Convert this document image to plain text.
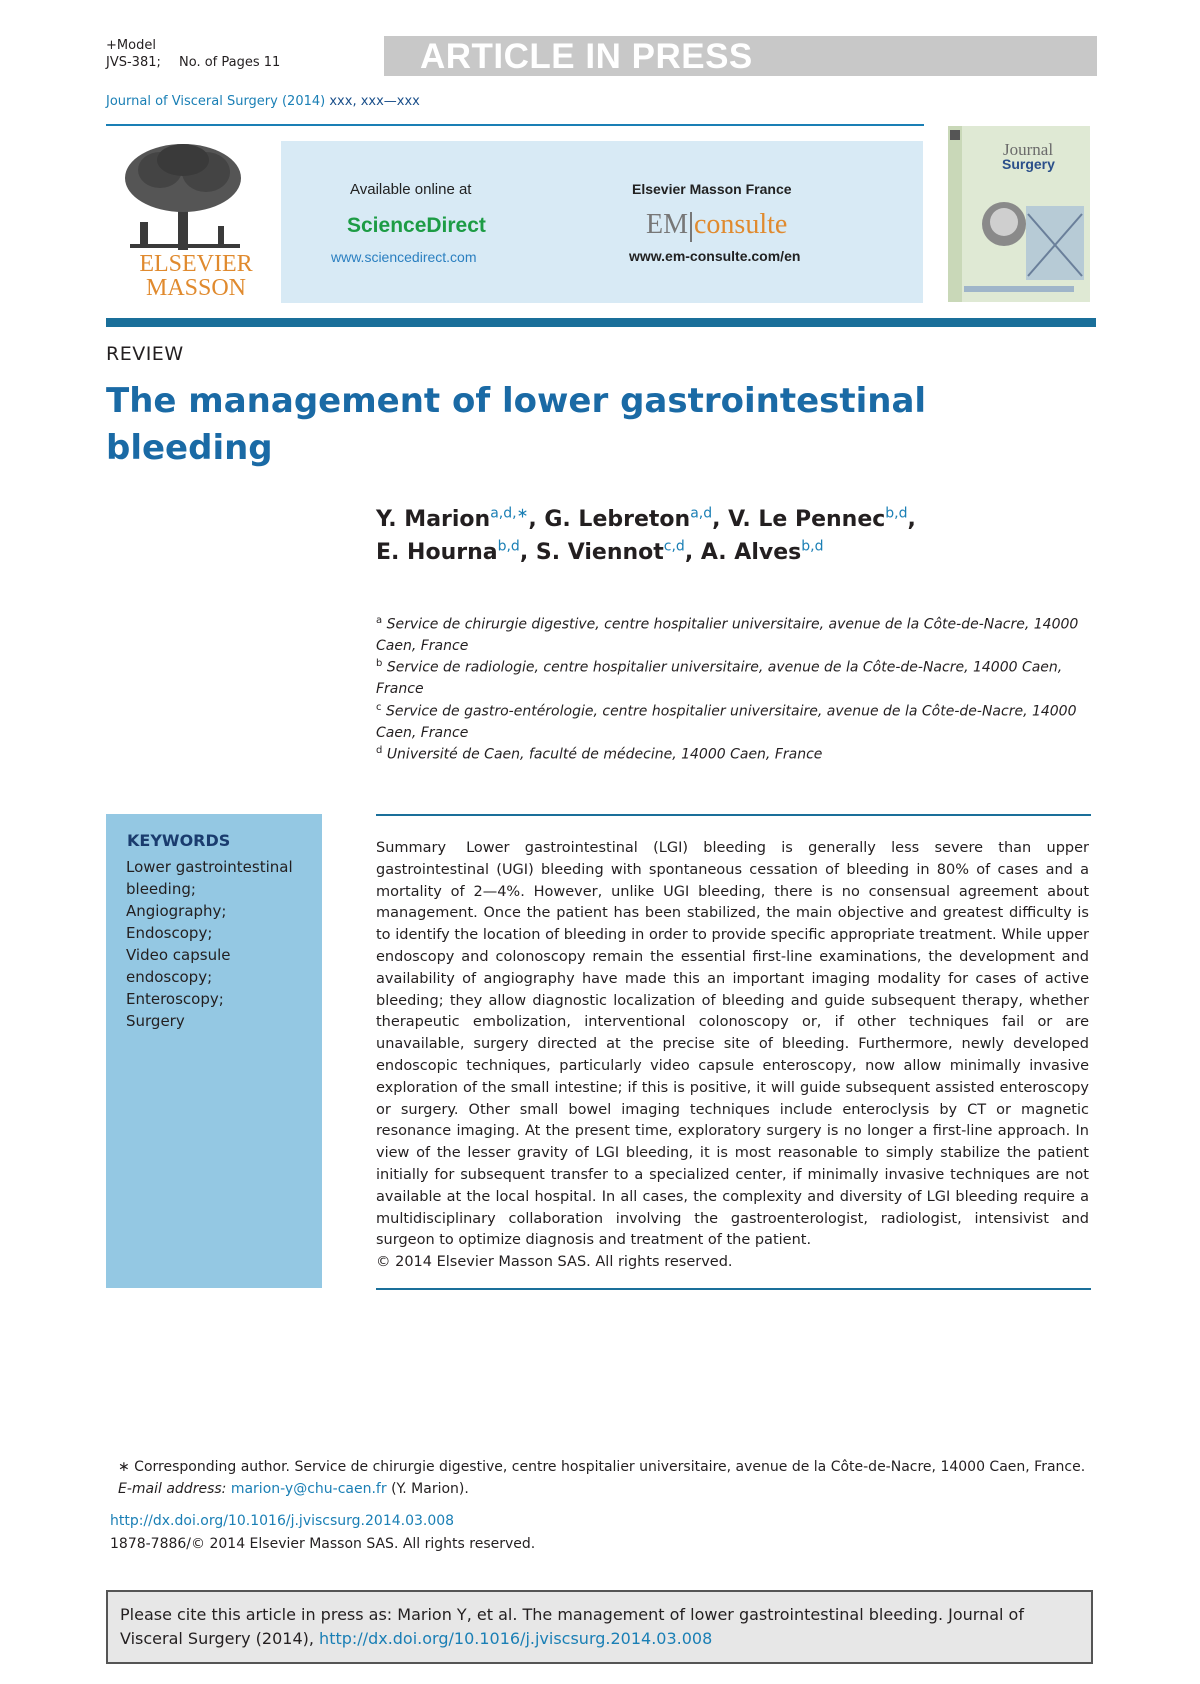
+Model
JVS-381; No. of Pages 11	ARTICLE IN PRESS
Journal of Visceral Surgery (2014) xxx, xxx—xxx
ELSEVIER
MASSON
Available online at
ScienceDirect
www.sciencedirect.com
Elsevier Masson France
EM consulte
www.em-consulte.com/en
Journal
Surgery
REVIEW
The management of lower gastrointestinal bleeding
Y. Marion$^{a,d,∗}$, G. Lebreton$^{a,d}$, V. Le Pennec$^{b,d}$,
E. Hourna$^{b,d}$, S. Viennot$^{c,d}$, A. Alves$^{b,d}$
$^a$ Service de chirurgie digestive, centre hospitalier universitaire, avenue de la Côte-de-Nacre, 14000 Caen, France
$^b$ Service de radiologie, centre hospitalier universitaire, avenue de la Côte-de-Nacre, 14000 Caen, France
$^c$ Service de gastro-entérologie, centre hospitalier universitaire, avenue de la Côte-de-Nacre, 14000 Caen, France
$^d$ Université de Caen, faculté de médecine, 14000 Caen, France
KEYWORDS
Lower gastrointestinal bleeding;
Angiography;
Endoscopy;
Video capsule endoscopy;
Enteroscopy;
Surgery
Summary Lower gastrointestinal (LGI) bleeding is generally less severe than upper gastrointestinal (UGI) bleeding with spontaneous cessation of bleeding in 80% of cases and a mortality of 2—4%. However, unlike UGI bleeding, there is no consensual agreement about management. Once the patient has been stabilized, the main objective and greatest difficulty is to identify the location of bleeding in order to provide specific appropriate treatment. While upper endoscopy and colonoscopy remain the essential first-line examinations, the development and availability of angiography have made this an important imaging modality for cases of active bleeding; they allow diagnostic localization of bleeding and guide subsequent therapy, whether therapeutic embolization, interventional colonoscopy or, if other techniques fail or are unavailable, surgery directed at the precise site of bleeding. Furthermore, newly developed endoscopic techniques, particularly video capsule enteroscopy, now allow minimally invasive exploration of the small intestine; if this is positive, it will guide subsequent assisted enteroscopy or surgery. Other small bowel imaging techniques include enteroclysis by CT or magnetic resonance imaging. At the present time, exploratory surgery is no longer a first-line approach. In view of the lesser gravity of LGI bleeding, it is most reasonable to simply stabilize the patient initially for subsequent transfer to a specialized center, if minimally invasive techniques are not available at the local hospital. In all cases, the complexity and diversity of LGI bleeding require a multidisciplinary collaboration involving the gastroenterologist, radiologist, intensivist and surgeon to optimize diagnosis and treatment of the patient.
© 2014 Elsevier Masson SAS. All rights reserved.
∗ Corresponding author. Service de chirurgie digestive, centre hospitalier universitaire, avenue de la Côte-de-Nacre, 14000 Caen, France.
E-mail address: marion-y@chu-caen.fr (Y. Marion).
http://dx.doi.org/10.1016/j.jviscsurg.2014.03.008
1878-7886/© 2014 Elsevier Masson SAS. All rights reserved.
Please cite this article in press as: Marion Y, et al. The management of lower gastrointestinal bleeding. Journal of Visceral Surgery (2014), http://dx.doi.org/10.1016/j.jviscsurg.2014.03.008
